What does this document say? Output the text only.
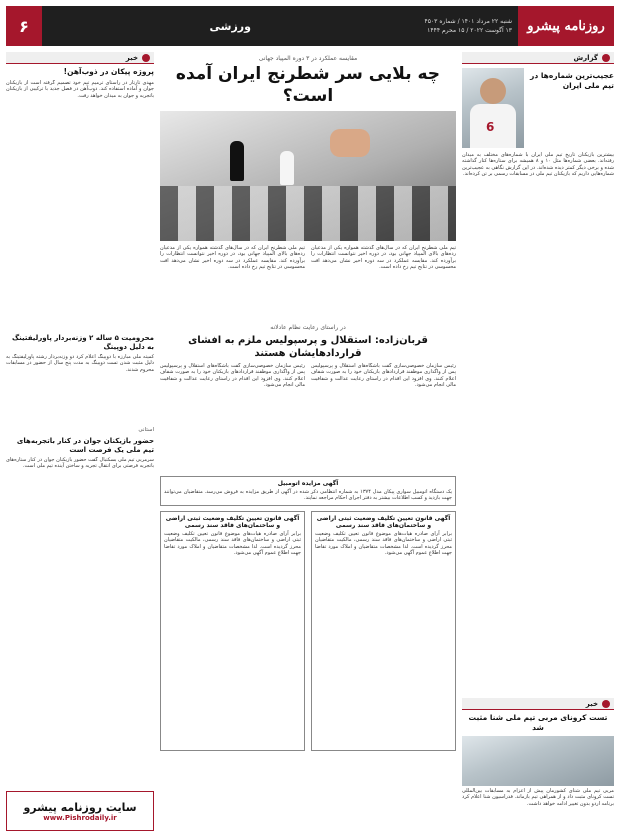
روزنامه پیشرو
شنبه ۲۲ مرداد ۱۴۰۱ / شماره ۴۵۰۳
۱۳ آگوست ۲۰۲۲ / ۱۵ محرم ۱۴۴۴
ورزشی
۶
گزارش
عجیب‌ترین شماره‌ها در تیم ملی ایران
6
بیشترین بازیکنان تاریخ تیم ملی ایران با شماره‌های مختلف به میدان رفته‌اند. بعضی شماره‌ها مثل ۱۰ و ۸ همیشه برای ستاره‌ها کنار گذاشته شده و برخی دیگر کمتر دیده شده‌اند. در این گزارش نگاهی به عجیب‌ترین شماره‌هایی داریم که بازیکنان تیم ملی در مسابقات رسمی بر تن کرده‌اند.
خبر
تست کرونای مربی تیم ملی شنا مثبت شد
مربی تیم ملی شنای کشورمان پیش از اعزام به مسابقات بین‌المللی تست کرونای مثبت داد و از همراهی تیم بازماند. فدراسیون شنا اعلام کرد برنامه اردو بدون تغییر ادامه خواهد داشت.
مقایسه عملکرد در ۳ دوره المپیاد جهانی
چه بلایی سر شطرنج ایران آمده است؟
تیم ملی شطرنج ایران که در سال‌های گذشته همواره یکی از مدعیان رده‌های بالای المپیاد جهانی بود، در دوره اخیر نتوانست انتظارات را برآورده کند. مقایسه عملکرد در سه دوره اخیر نشان می‌دهد افت محسوسی در نتایج تیم رخ داده است.
تیم ملی شطرنج ایران که در سال‌های گذشته همواره یکی از مدعیان رده‌های بالای المپیاد جهانی بود، در دوره اخیر نتوانست انتظارات را برآورده کند. مقایسه عملکرد در سه دوره اخیر نشان می‌دهد افت محسوسی در نتایج تیم رخ داده است.
در راستای رعایت نظام عادلانه
قربان‌زاده: استقلال و پرسپولیس ملزم به افشای قراردادهایشان هستند
رئیس سازمان خصوصی‌سازی گفت باشگاه‌های استقلال و پرسپولیس پس از واگذاری موظفند قراردادهای بازیکنان خود را به صورت شفاف اعلام کنند. وی افزود این اقدام در راستای رعایت عدالت و شفافیت مالی انجام می‌شود.
رئیس سازمان خصوصی‌سازی گفت باشگاه‌های استقلال و پرسپولیس پس از واگذاری موظفند قراردادهای بازیکنان خود را به صورت شفاف اعلام کنند. وی افزود این اقدام در راستای رعایت عدالت و شفافیت مالی انجام می‌شود.
آگهی مزایده اتومبیل
یک دستگاه اتومبیل سواری پیکان مدل ۱۳۷۴ به شماره انتظامی ذکر شده در آگهی از طریق مزایده به فروش می‌رسد. متقاضیان می‌توانند جهت بازدید و کسب اطلاعات بیشتر به دفتر اجرای احکام مراجعه نمایند.
آگهی قانون تعیین تکلیف وضعیت ثبتی اراضی و ساختمان‌های فاقد سند رسمی
برابر آرای صادره هیات‌های موضوع قانون تعیین تکلیف وضعیت ثبتی اراضی و ساختمان‌های فاقد سند رسمی، مالکیت متقاضیان محرز گردیده است. لذا مشخصات متقاضیان و املاک مورد تقاضا جهت اطلاع عموم آگهی می‌شود.
آگهی قانون تعیین تکلیف وضعیت ثبتی اراضی و ساختمان‌های فاقد سند رسمی
برابر آرای صادره هیات‌های موضوع قانون تعیین تکلیف وضعیت ثبتی اراضی و ساختمان‌های فاقد سند رسمی، مالکیت متقاضیان محرز گردیده است. لذا مشخصات متقاضیان و املاک مورد تقاضا جهت اطلاع عموم آگهی می‌شود.
خبر
پروژه پیکان در ذوب‌آهن!
مهدی تارتار در راستای ترمیم تیم خود تصمیم گرفته است از بازیکنان جوان و آماده استفاده کند. ذوب‌آهن در فصل جدید با ترکیبی از بازیکنان باتجربه و جوان به میدان خواهد رفت.
محرومیت ۵ ساله ۲ وزنه‌بردار پاورلیفتینگ به دلیل دوپینگ
کمیته ملی مبارزه با دوپینگ اعلام کرد دو وزنه‌بردار رشته پاورلیفتینگ به دلیل مثبت شدن تست دوپینگ به مدت پنج سال از حضور در مسابقات محروم شدند.
استانی
حضور بازیکنان جوان در کنار باتجربه‌های تیم ملی یک فرصت است
سرمربی تیم ملی بسکتبال گفت حضور بازیکنان جوان در کنار ستاره‌های باتجربه فرصتی برای انتقال تجربه و ساختن آینده تیم ملی است.
سایت روزنامه پیشرو
www.Pishrodaily.ir
